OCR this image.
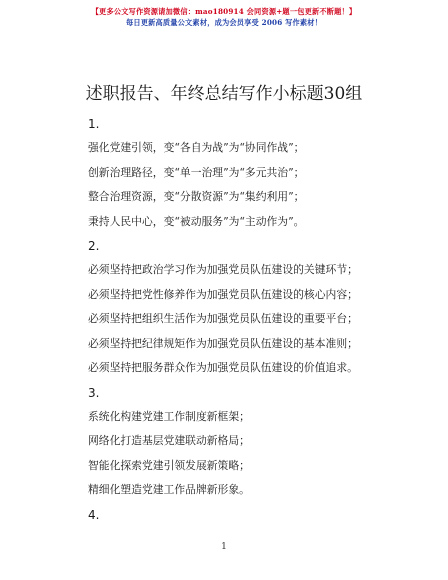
【更多公文写作资源请加微信：mao180914 会同资源+题一包更新不断题！】
每日更新高质量公文素材，成为会员享受 2006 写作素材！
述职报告、年终总结写作小标题30组
1.
强化党建引领，变“各自为战”为“协同作战”；
创新治理路径，变“单一治理”为“多元共治”；
整合治理资源，变“分散资源”为“集约利用”；
秉持人民中心，变“被动服务”为“主动作为”。
2.
必须坚持把政治学习作为加强党员队伍建设的关键环节；
必须坚持把党性修养作为加强党员队伍建设的核心内容；
必须坚持把组织生活作为加强党员队伍建设的重要平台；
必须坚持把纪律规矩作为加强党员队伍建设的基本准则；
必须坚持把服务群众作为加强党员队伍建设的价值追求。
3.
系统化构建党建工作制度新框架；
网络化打造基层党建联动新格局；
智能化探索党建引领发展新策略；
精细化塑造党建工作品牌新形象。
4.
1
